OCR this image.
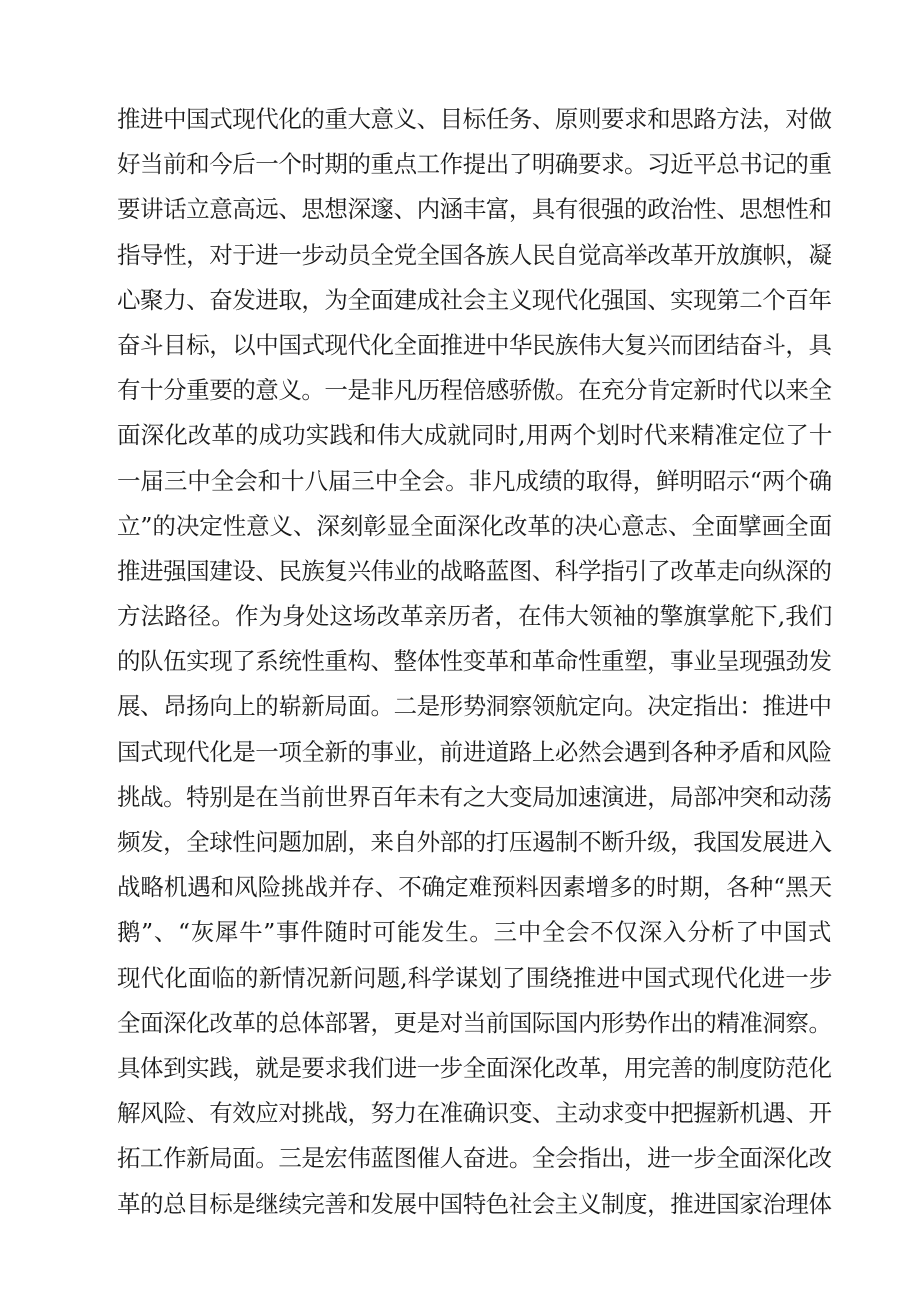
推进中国式现代化的重大意义、目标任务、原则要求和思路方法，对做
好当前和今后一个时期的重点工作提出了明确要求。习近平总书记的重
要讲话立意高远、思想深邃、内涵丰富，具有很强的政治性、思想性和
指导性，对于进一步动员全党全国各族人民自觉高举改革开放旗帜，凝
心聚力、奋发进取，为全面建成社会主义现代化强国、实现第二个百年
奋斗目标，以中国式现代化全面推进中华民族伟大复兴而团结奋斗，具
有十分重要的意义。一是非凡历程倍感骄傲。在充分肯定新时代以来全
面深化改革的成功实践和伟大成就同时,用两个划时代来精准定位了十
一届三中全会和十八届三中全会。非凡成绩的取得，鲜明昭示“两个确
立”的决定性意义、深刻彰显全面深化改革的决心意志、全面擘画全面
推进强国建设、民族复兴伟业的战略蓝图、科学指引了改革走向纵深的
方法路径。作为身处这场改革亲历者，在伟大领袖的擎旗掌舵下,我们
的队伍实现了系统性重构、整体性变革和革命性重塑，事业呈现强劲发
展、昂扬向上的崭新局面。二是形势洞察领航定向。决定指出：推进中
国式现代化是一项全新的事业，前进道路上必然会遇到各种矛盾和风险
挑战。特别是在当前世界百年未有之大变局加速演进，局部冲突和动荡
频发，全球性问题加剧，来自外部的打压遏制不断升级，我国发展进入
战略机遇和风险挑战并存、不确定难预料因素增多的时期，各种“黑天
鹅”、“灰犀牛”事件随时可能发生。三中全会不仅深入分析了中国式
现代化面临的新情况新问题,科学谋划了围绕推进中国式现代化进一步
全面深化改革的总体部署，更是对当前国际国内形势作出的精准洞察。
具体到实践，就是要求我们进一步全面深化改革，用完善的制度防范化
解风险、有效应对挑战，努力在准确识变、主动求变中把握新机遇、开
拓工作新局面。三是宏伟蓝图催人奋进。全会指出，进一步全面深化改
革的总目标是继续完善和发展中国特色社会主义制度，推进国家治理体
